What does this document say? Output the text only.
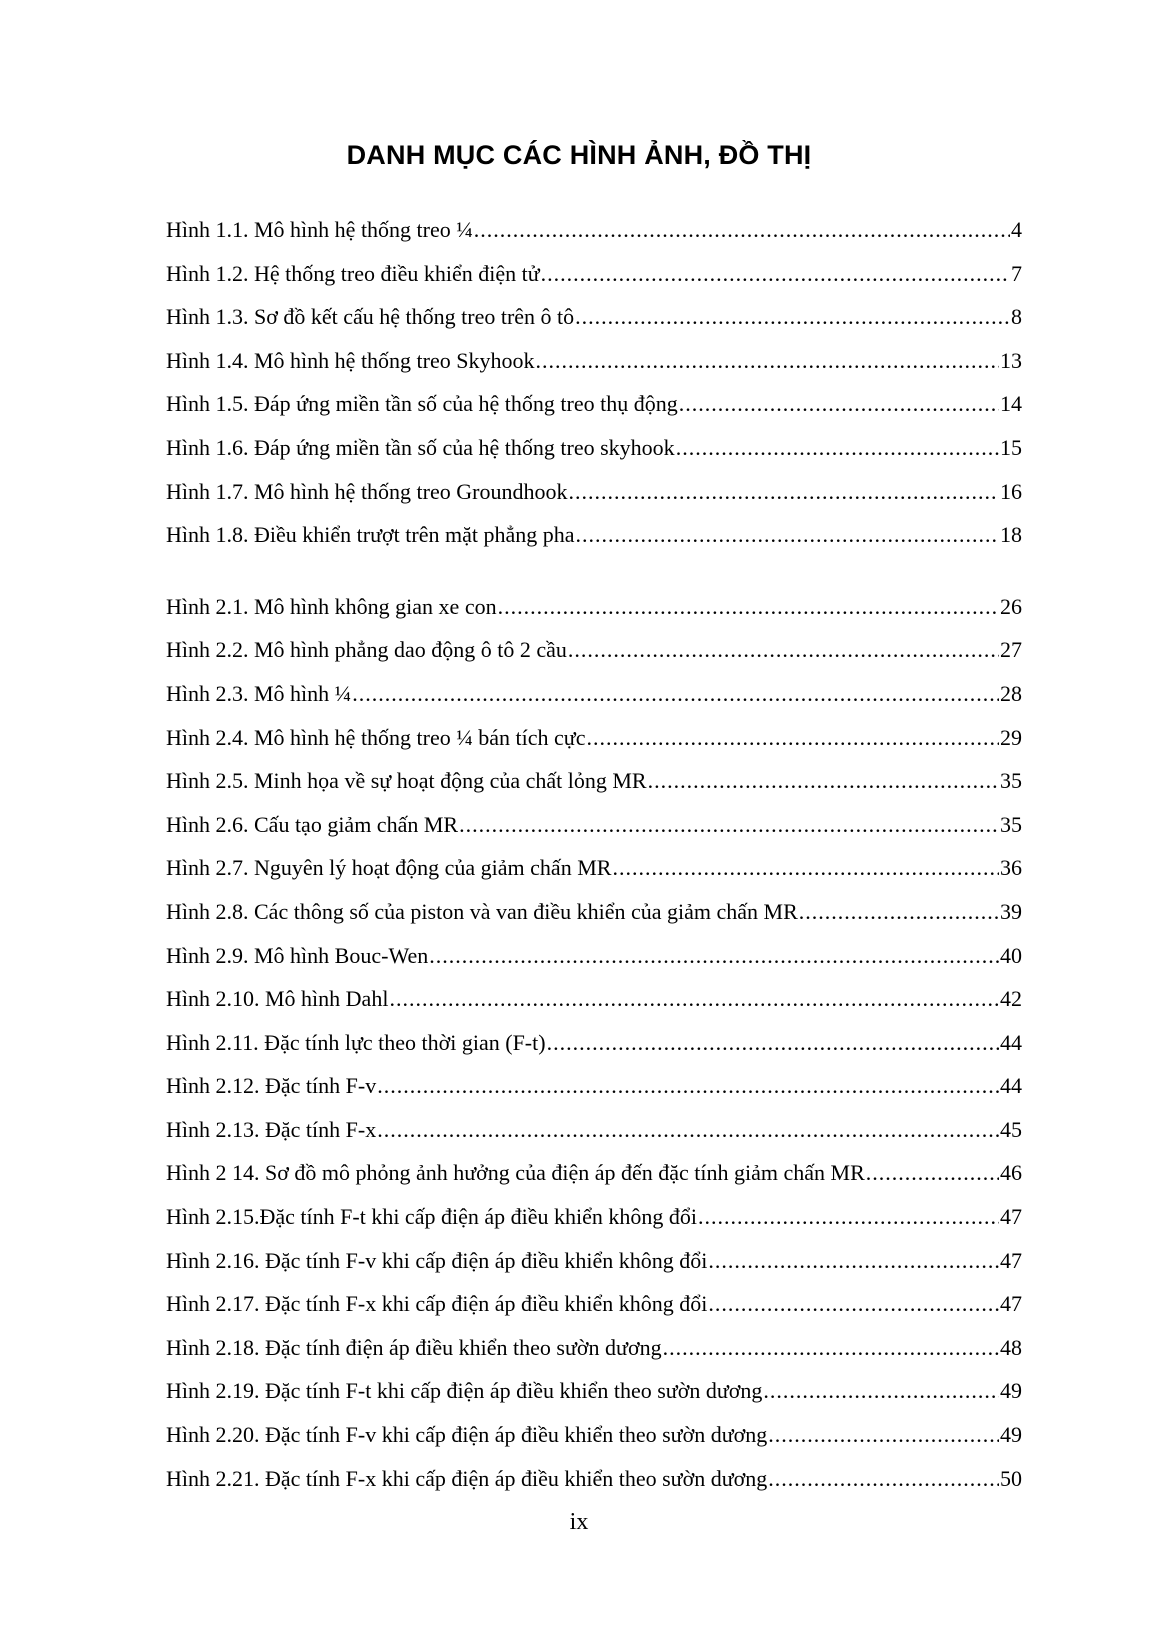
DANH MỤC CÁC HÌNH ẢNH, ĐỒ THỊ
Hình 1.1. Mô hình hệ thống treo ¼ .....	4
Hình 1.2. Hệ thống treo điều khiển điện tử .....	7
Hình 1.3. Sơ đồ kết cấu hệ thống treo trên ô tô .....	8
Hình 1.4. Mô hình hệ thống treo Skyhook .....	13
Hình 1.5. Đáp ứng miền tần số của hệ thống treo thụ động .....	14
Hình 1.6. Đáp ứng miền tần số của hệ thống treo skyhook .....	15
Hình 1.7. Mô hình hệ thống treo Groundhook .....	16
Hình 1.8. Điều khiển trượt trên mặt phẳng pha .....	18
Hình 2.1. Mô hình không gian xe con .....	26
Hình 2.2. Mô hình phẳng dao động ô tô 2 cầu .....	27
Hình 2.3. Mô hình ¼ .....	28
Hình 2.4. Mô hình hệ thống treo ¼ bán tích cực .....	29
Hình 2.5. Minh họa về sự hoạt động của chất lỏng MR .....	35
Hình 2.6. Cấu tạo giảm chấn MR .....	35
Hình 2.7. Nguyên lý hoạt động của giảm chấn MR .....	36
Hình 2.8. Các thông số của piston và van điều khiển của giảm chấn MR .....	39
Hình 2.9. Mô hình Bouc-Wen .....	40
Hình 2.10. Mô hình Dahl .....	42
Hình 2.11. Đặc tính lực theo thời gian (F-t) .....	44
Hình 2.12. Đặc tính F-v .....	44
Hình 2.13. Đặc tính F-x .....	45
Hình 2 14. Sơ đồ mô phỏng ảnh hưởng của điện áp đến đặc tính giảm chấn MR .....	46
Hình 2.15.Đặc tính F-t khi cấp điện áp điều khiển không đổi .....	47
Hình 2.16. Đặc tính F-v khi cấp điện áp điều khiển không đổi .....	47
Hình 2.17. Đặc tính F-x khi cấp điện áp điều khiển không đổi .....	47
Hình 2.18. Đặc tính điện áp điều khiển theo sườn dương .....	48
Hình 2.19. Đặc tính F-t khi cấp điện áp điều khiển theo sườn dương .....	49
Hình 2.20. Đặc tính F-v khi cấp điện áp điều khiển theo sườn dương .....	49
Hình 2.21. Đặc tính F-x khi cấp điện áp điều khiển theo sườn dương .....	50
ix
